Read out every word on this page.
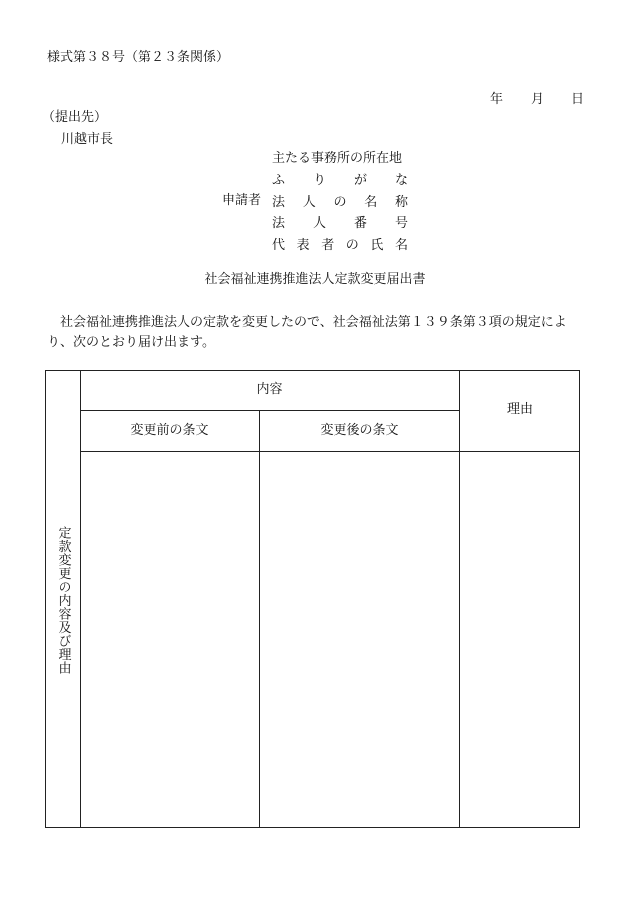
様式第３８号（第２３条関係）
年 月 日
（提出先）
川越市長
申請者
主たる事務所の所在地
ふ り が な
法 人 の 名 称
法 人 番 号
代 表 者 の 氏 名
社会福祉連携推進法人定款変更届出書

　社会福祉連携推進法人の定款を変更したので、社会福祉法第１３９条第３項の規定によ

り、次のとおり届け出ます。

内容
変更前の条文	変更後の条文
理由
定款変更の内容及び理由
